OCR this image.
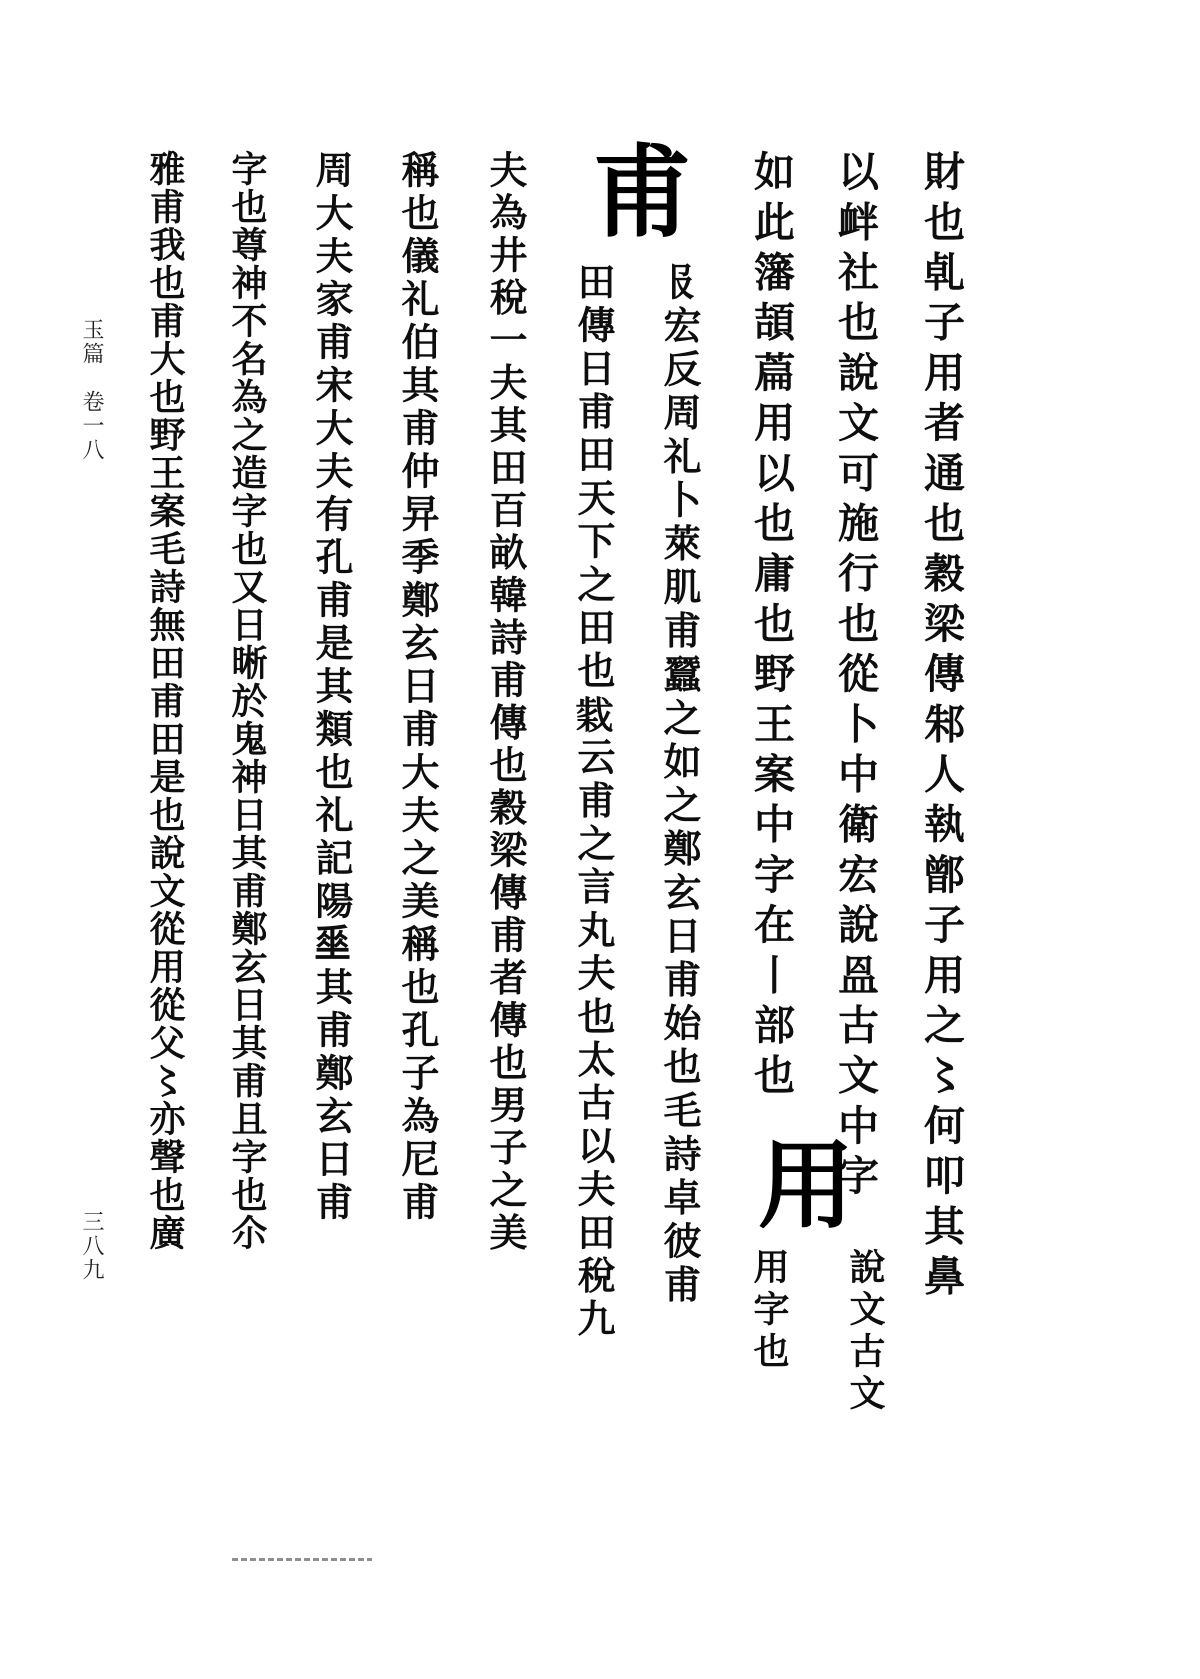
玉篇　卷一八
三八九	財也𠃵子用者通也穀梁傳邾人執鄫子用之〻何叩其鼻
以衅社也說文可施行也從卜中衛宏說𥁕古文中字
如此籓頡萹用以也庸也野王案中字在丨部也
用
說文古文
用字也
甫
𠬝宏反周礼卜萊肌甫蠶之如之鄭玄日甫始也毛詩卓彼甫
田傳日甫田天下之田也𢧹云甫之言丸夫也太古以夫田稅九
夫為井稅一夫其田百畝韓詩甫傳也穀梁傳甫者傳也男子之美
稱也儀礼伯其甫仲㫒季鄭玄日甫大夫之美稱也孔子為尼甫
周大夫家甫宋大夫有孔甫是其類也礼記陽𡍮其甫鄭玄日甫
字也尊神不名為之造字也又日晰於鬼神日其甫鄭玄日其甫且字也尒
雅甫我也甫大也野王案毛詩無田甫田是也說文從用從父〻亦聲也廣
